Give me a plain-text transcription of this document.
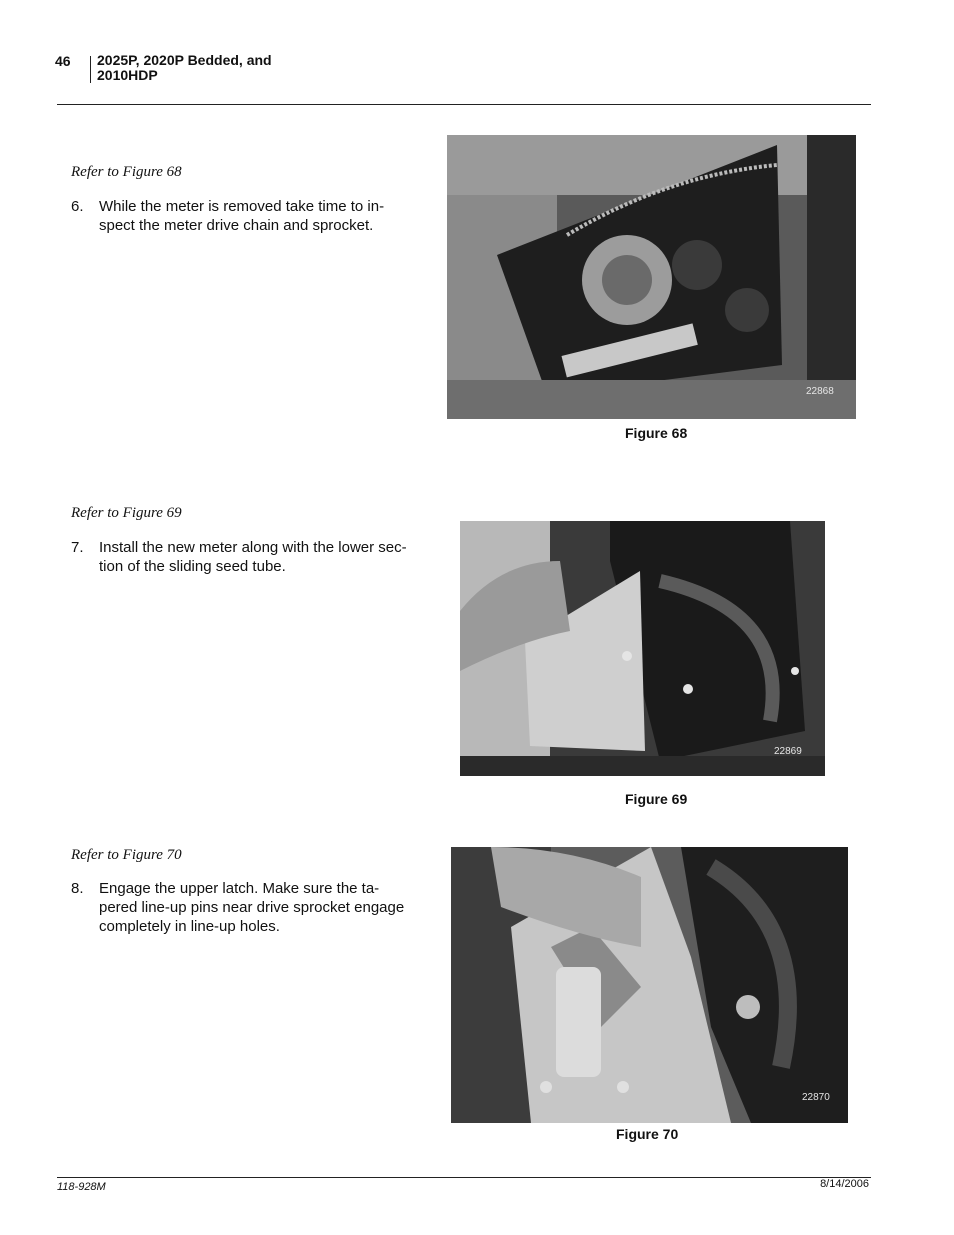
46 2025P, 2020P Bedded, and
2010HDP
Refer to Figure 68
6. While the meter is removed take time to in-spect the meter drive chain and sprocket.
22868
Figure 68
Refer to Figure 69
7. Install the new meter along with the lower sec-tion of the sliding seed tube.
22869
Figure 69
Refer to Figure 70
8. Engage the upper latch. Make sure the ta-pered line-up pins near drive sprocket engage completely in line-up holes.
22870
Figure 70
118-928M	8/14/2006
